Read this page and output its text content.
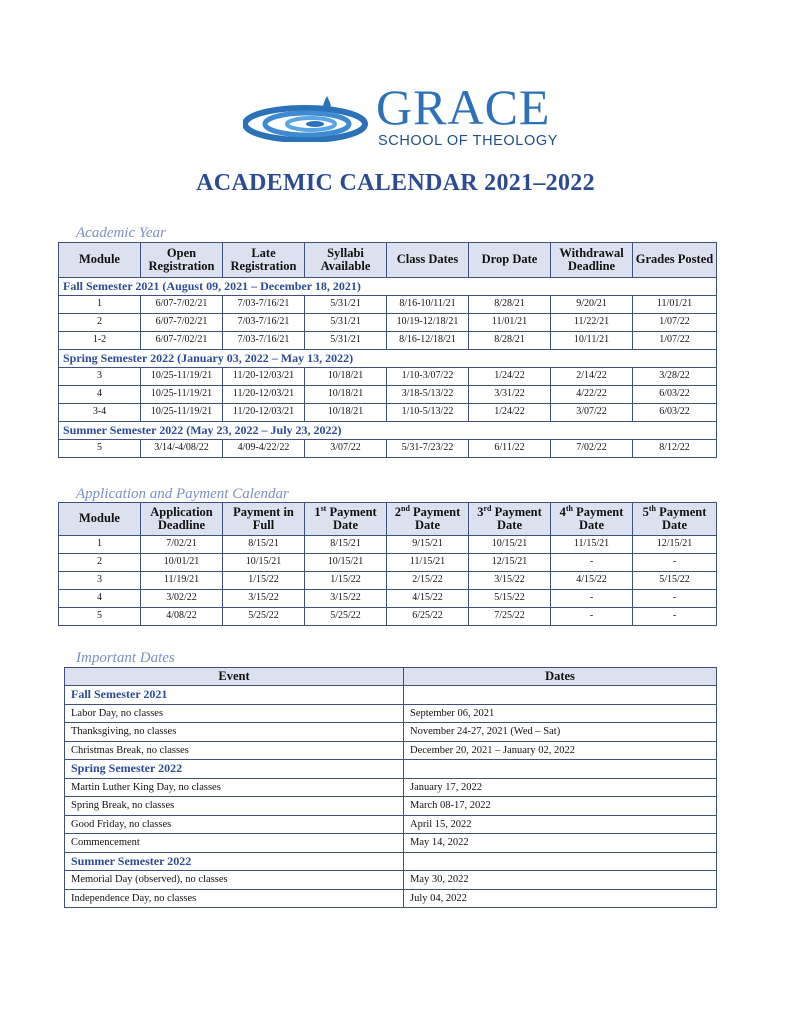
GRACE
SCHOOL OF THEOLOGY
ACADEMIC CALENDAR 2021–2022
Academic Year
Module	Open Registration	Late Registration	Syllabi Available	Class Dates	Drop Date	Withdrawal Deadline	Grades Posted
Fall Semester 2021 (August 09, 2021 – December 18, 2021)							
1	6/07-7/02/21	7/03-7/16/21	5/31/21	8/16-10/11/21	8/28/21	9/20/21	11/01/21
2	6/07-7/02/21	7/03-7/16/21	5/31/21	10/19-12/18/21	11/01/21	11/22/21	1/07/22
1-2	6/07-7/02/21	7/03-7/16/21	5/31/21	8/16-12/18/21	8/28/21	10/11/21	1/07/22
Spring Semester 2022 (January 03, 2022 – May 13, 2022)							
3	10/25-11/19/21	11/20-12/03/21	10/18/21	1/10-3/07/22	1/24/22	2/14/22	3/28/22
4	10/25-11/19/21	11/20-12/03/21	10/18/21	3/18-5/13/22	3/31/22	4/22/22	6/03/22
3-4	10/25-11/19/21	11/20-12/03/21	10/18/21	1/10-5/13/22	1/24/22	3/07/22	6/03/22
Summer Semester 2022 (May 23, 2022 – July 23, 2022)							
5	3/14/-4/08/22	4/09-4/22/22	3/07/22	5/31-7/23/22	6/11/22	7/02/22	8/12/22
Application and Payment Calendar
Module	Application Deadline	Payment in Full	1st Payment Date	2nd Payment Date	3rd Payment Date	4th Payment Date	5th Payment Date
1	7/02/21	8/15/21	8/15/21	9/15/21	10/15/21	11/15/21	12/15/21
2	10/01/21	10/15/21	10/15/21	11/15/21	12/15/21	-	-
3	11/19/21	1/15/22	1/15/22	2/15/22	3/15/22	4/15/22	5/15/22
4	3/02/22	3/15/22	3/15/22	4/15/22	5/15/22	-	-
5	4/08/22	5/25/22	5/25/22	6/25/22	7/25/22	-	-
Important Dates
Event	Dates
Fall Semester 2021	
Labor Day, no classes	September 06, 2021
Thanksgiving, no classes	November 24-27, 2021 (Wed – Sat)
Christmas Break, no classes	December 20, 2021 – January 02, 2022
Spring Semester 2022	
Martin Luther King Day, no classes	January 17, 2022
Spring Break, no classes	March 08-17, 2022
Good Friday, no classes	April 15, 2022
Commencement	May 14, 2022
Summer Semester 2022	
Memorial Day (observed), no classes	May 30, 2022
Independence Day, no classes	July 04, 2022
